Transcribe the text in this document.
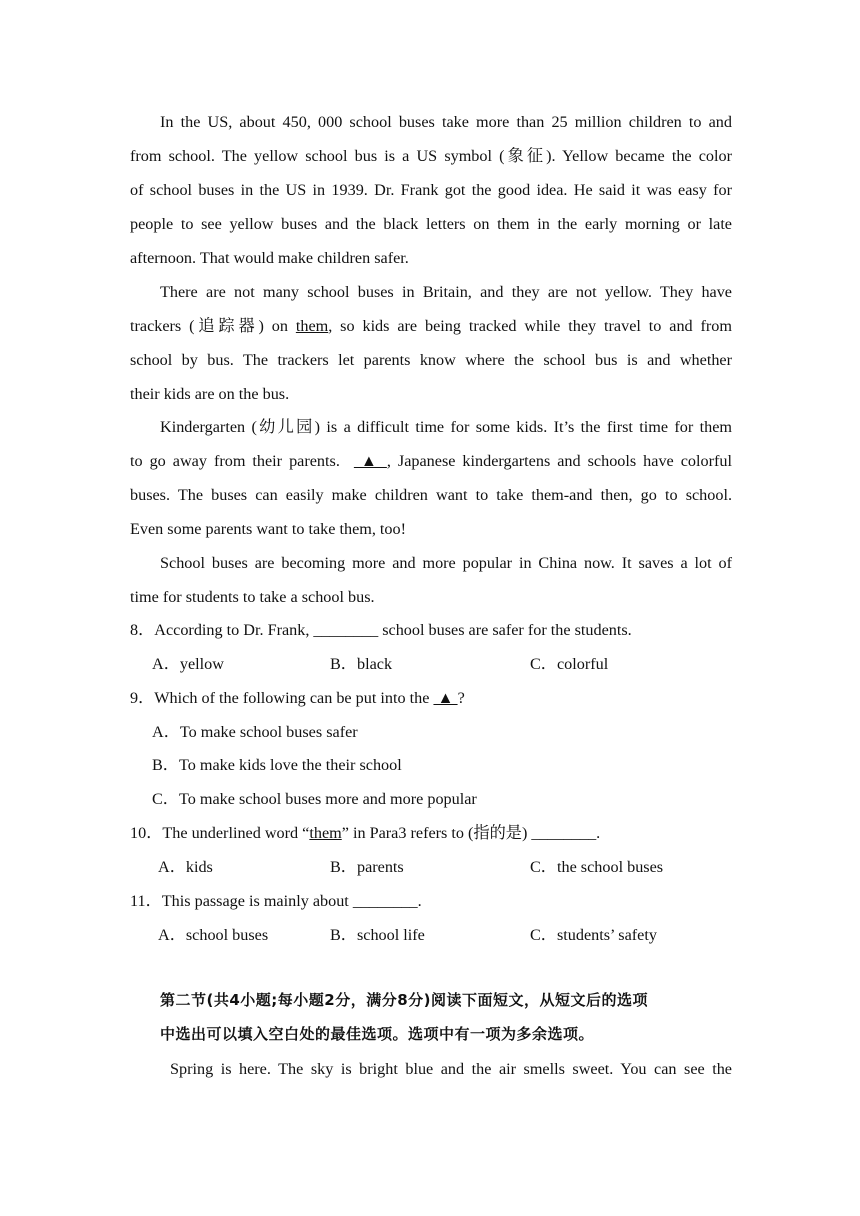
In the US, about 450, 000 school buses take more than 25 million children to and
from school. The yellow school bus is a US symbol (象征). Yellow became the color
of school buses in the US in 1939. Dr. Frank got the good idea. He said it was easy for
people to see yellow buses and the black letters on them in the early morning or late
afternoon. That would make children safer.
There are not many school buses in Britain, and they are not yellow. They have
trackers (追踪器) on them, so kids are being tracked while they travel to and from
school by bus. The trackers let parents know where the school bus is and whether
their kids are on the bus.
Kindergarten (幼儿园) is a difficult time for some kids. It’s the first time for them
to go away from their parents.   ▲ , Japanese kindergartens and schools have colorful
buses. The buses can easily make children want to take them-and then, go to school.
Even some parents want to take them, too!
School buses are becoming more and more popular in China now. It saves a lot of
time for students to take a school bus.
8．According to Dr. Frank, ________ school buses are safer for the students.
A．yellow	B．black	C．colorful
9．Which of the following can be put into the  ▲ ?
A．To make school buses safer
B．To make kids love the their school
C．To make school buses more and more popular
10．The underlined word “them” in Para3 refers to (指的是) ________.
A．kids	B．parents	C．the school buses
11．This passage is mainly about ________.
A．school buses	B．school life	C．students’ safety
第二节(共4小题;每小题2分，满分8分)阅读下面短文，从短文后的选项
中选出可以填入空白处的最佳选项。选项中有一项为多余选项。
Spring is here. The sky is bright blue and the air smells sweet. You can see the
